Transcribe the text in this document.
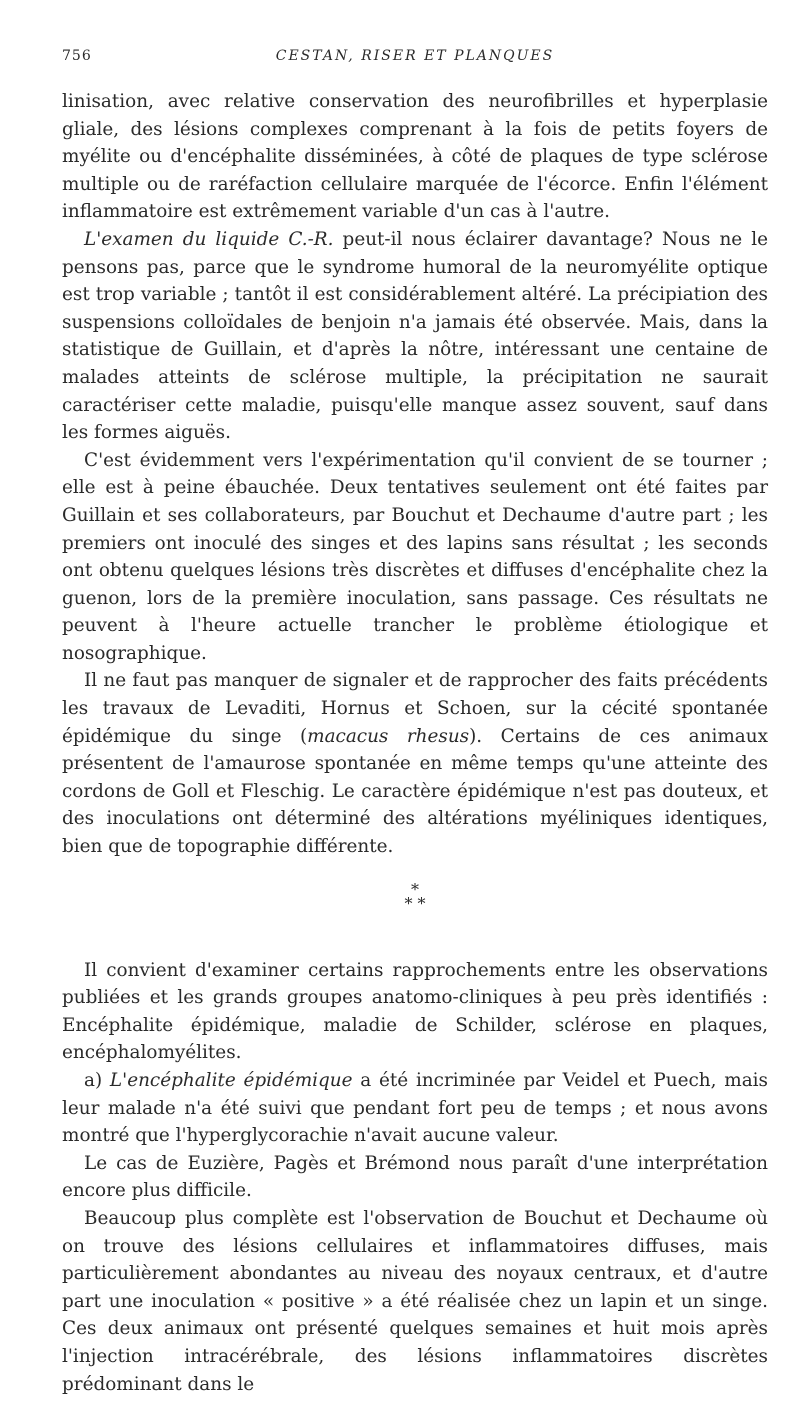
756	CESTAN, RISER ET PLANQUES

linisation, avec relative conservation des neurofibrilles et hyperplasie gliale, des lésions complexes comprenant à la fois de petits foyers de myélite ou d'encéphalite disséminées, à côté de plaques de type sclérose multiple ou de raréfaction cellulaire marquée de l'écorce. Enfin l'élément inflammatoire est extrêmement variable d'un cas à l'autre.

L'examen du liquide C.-R. peut-il nous éclairer davantage? Nous ne le pensons pas, parce que le syndrome humoral de la neuromyélite optique est trop variable ; tantôt il est considérablement altéré. La précipiation des suspensions colloïdales de benjoin n'a jamais été observée. Mais, dans la statistique de Guillain, et d'après la nôtre, intéressant une centaine de malades atteints de sclérose multiple, la précipitation ne saurait caractériser cette maladie, puisqu'elle manque assez souvent, sauf dans les formes aiguës.

C'est évidemment vers l'expérimentation qu'il convient de se tourner ; elle est à peine ébauchée. Deux tentatives seulement ont été faites par Guillain et ses collaborateurs, par Bouchut et Dechaume d'autre part ; les premiers ont inoculé des singes et des lapins sans résultat ; les seconds ont obtenu quelques lésions très discrètes et diffuses d'encéphalite chez la guenon, lors de la première inoculation, sans passage. Ces résultats ne peuvent à l'heure actuelle trancher le problème étiologique et nosographique.

Il ne faut pas manquer de signaler et de rapprocher des faits précédents les travaux de Levaditi, Hornus et Schoen, sur la cécité spontanée épidémique du singe (macacus rhesus). Certains de ces animaux présentent de l'amaurose spontanée en même temps qu'une atteinte des cordons de Goll et Fleschig. Le caractère épidémique n'est pas douteux, et des inoculations ont déterminé des altérations myéliniques identiques, bien que de topographie différente.

*
* *

Il convient d'examiner certains rapprochements entre les observations publiées et les grands groupes anatomo-cliniques à peu près identifiés : Encéphalite épidémique, maladie de Schilder, sclérose en plaques, encéphalomyélites.

a) L'encéphalite épidémique a été incriminée par Veidel et Puech, mais leur malade n'a été suivi que pendant fort peu de temps ; et nous avons montré que l'hyperglycorachie n'avait aucune valeur.

Le cas de Euzière, Pagès et Brémond nous paraît d'une interprétation encore plus difficile.

Beaucoup plus complète est l'observation de Bouchut et Dechaume où on trouve des lésions cellulaires et inflammatoires diffuses, mais particulièrement abondantes au niveau des noyaux centraux, et d'autre part une inoculation « positive » a été réalisée chez un lapin et un singe. Ces deux animaux ont présenté quelques semaines et huit mois après l'injection intracérébrale, des lésions inflammatoires discrètes prédominant dans le
